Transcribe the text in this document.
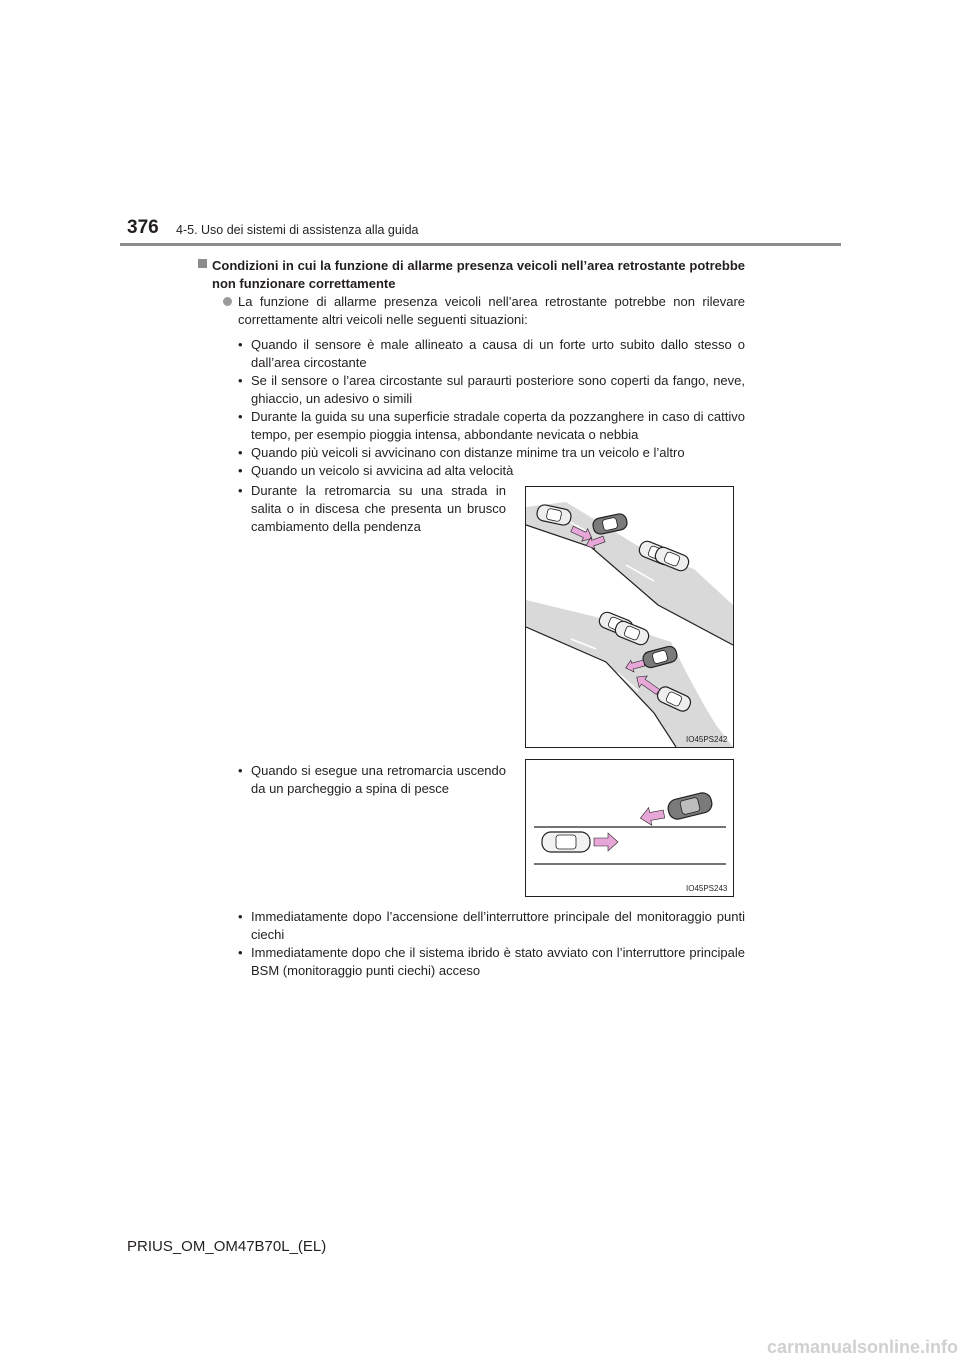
376 4-5. Uso dei sistemi di assistenza alla guida
Condizioni in cui la funzione di allarme presenza veicoli nell’area retrostante potrebbe non funzionare correttamente
La funzione di allarme presenza veicoli nell’area retrostante potrebbe non rilevare correttamente altri veicoli nelle seguenti situazioni:
• Quando il sensore è male allineato a causa di un forte urto subito dallo stesso o dall’area circostante
• Se il sensore o l’area circostante sul paraurti posteriore sono coperti da fango, neve, ghiaccio, un adesivo o simili
• Durante la guida su una superficie stradale coperta da pozzanghere in caso di cattivo tempo, per esempio pioggia intensa, abbondante nevicata o nebbia
• Quando più veicoli si avvicinano con distanze minime tra un veicolo e l’altro
• Quando un veicolo si avvicina ad alta velocità
• Durante la retromarcia su una strada in salita o in discesa che presenta un brusco cambiamento della pendenza
IO45PS242
• Quando si esegue una retromarcia uscendo da un parcheggio a spina di pesce
IO45PS243
• Immediatamente dopo l’accensione dell’interruttore principale del monitoraggio punti ciechi
• Immediatamente dopo che il sistema ibrido è stato avviato con l’interruttore principale BSM (monitoraggio punti ciechi) acceso
PRIUS_OM_OM47B70L_(EL)
carmanualsonline.info
